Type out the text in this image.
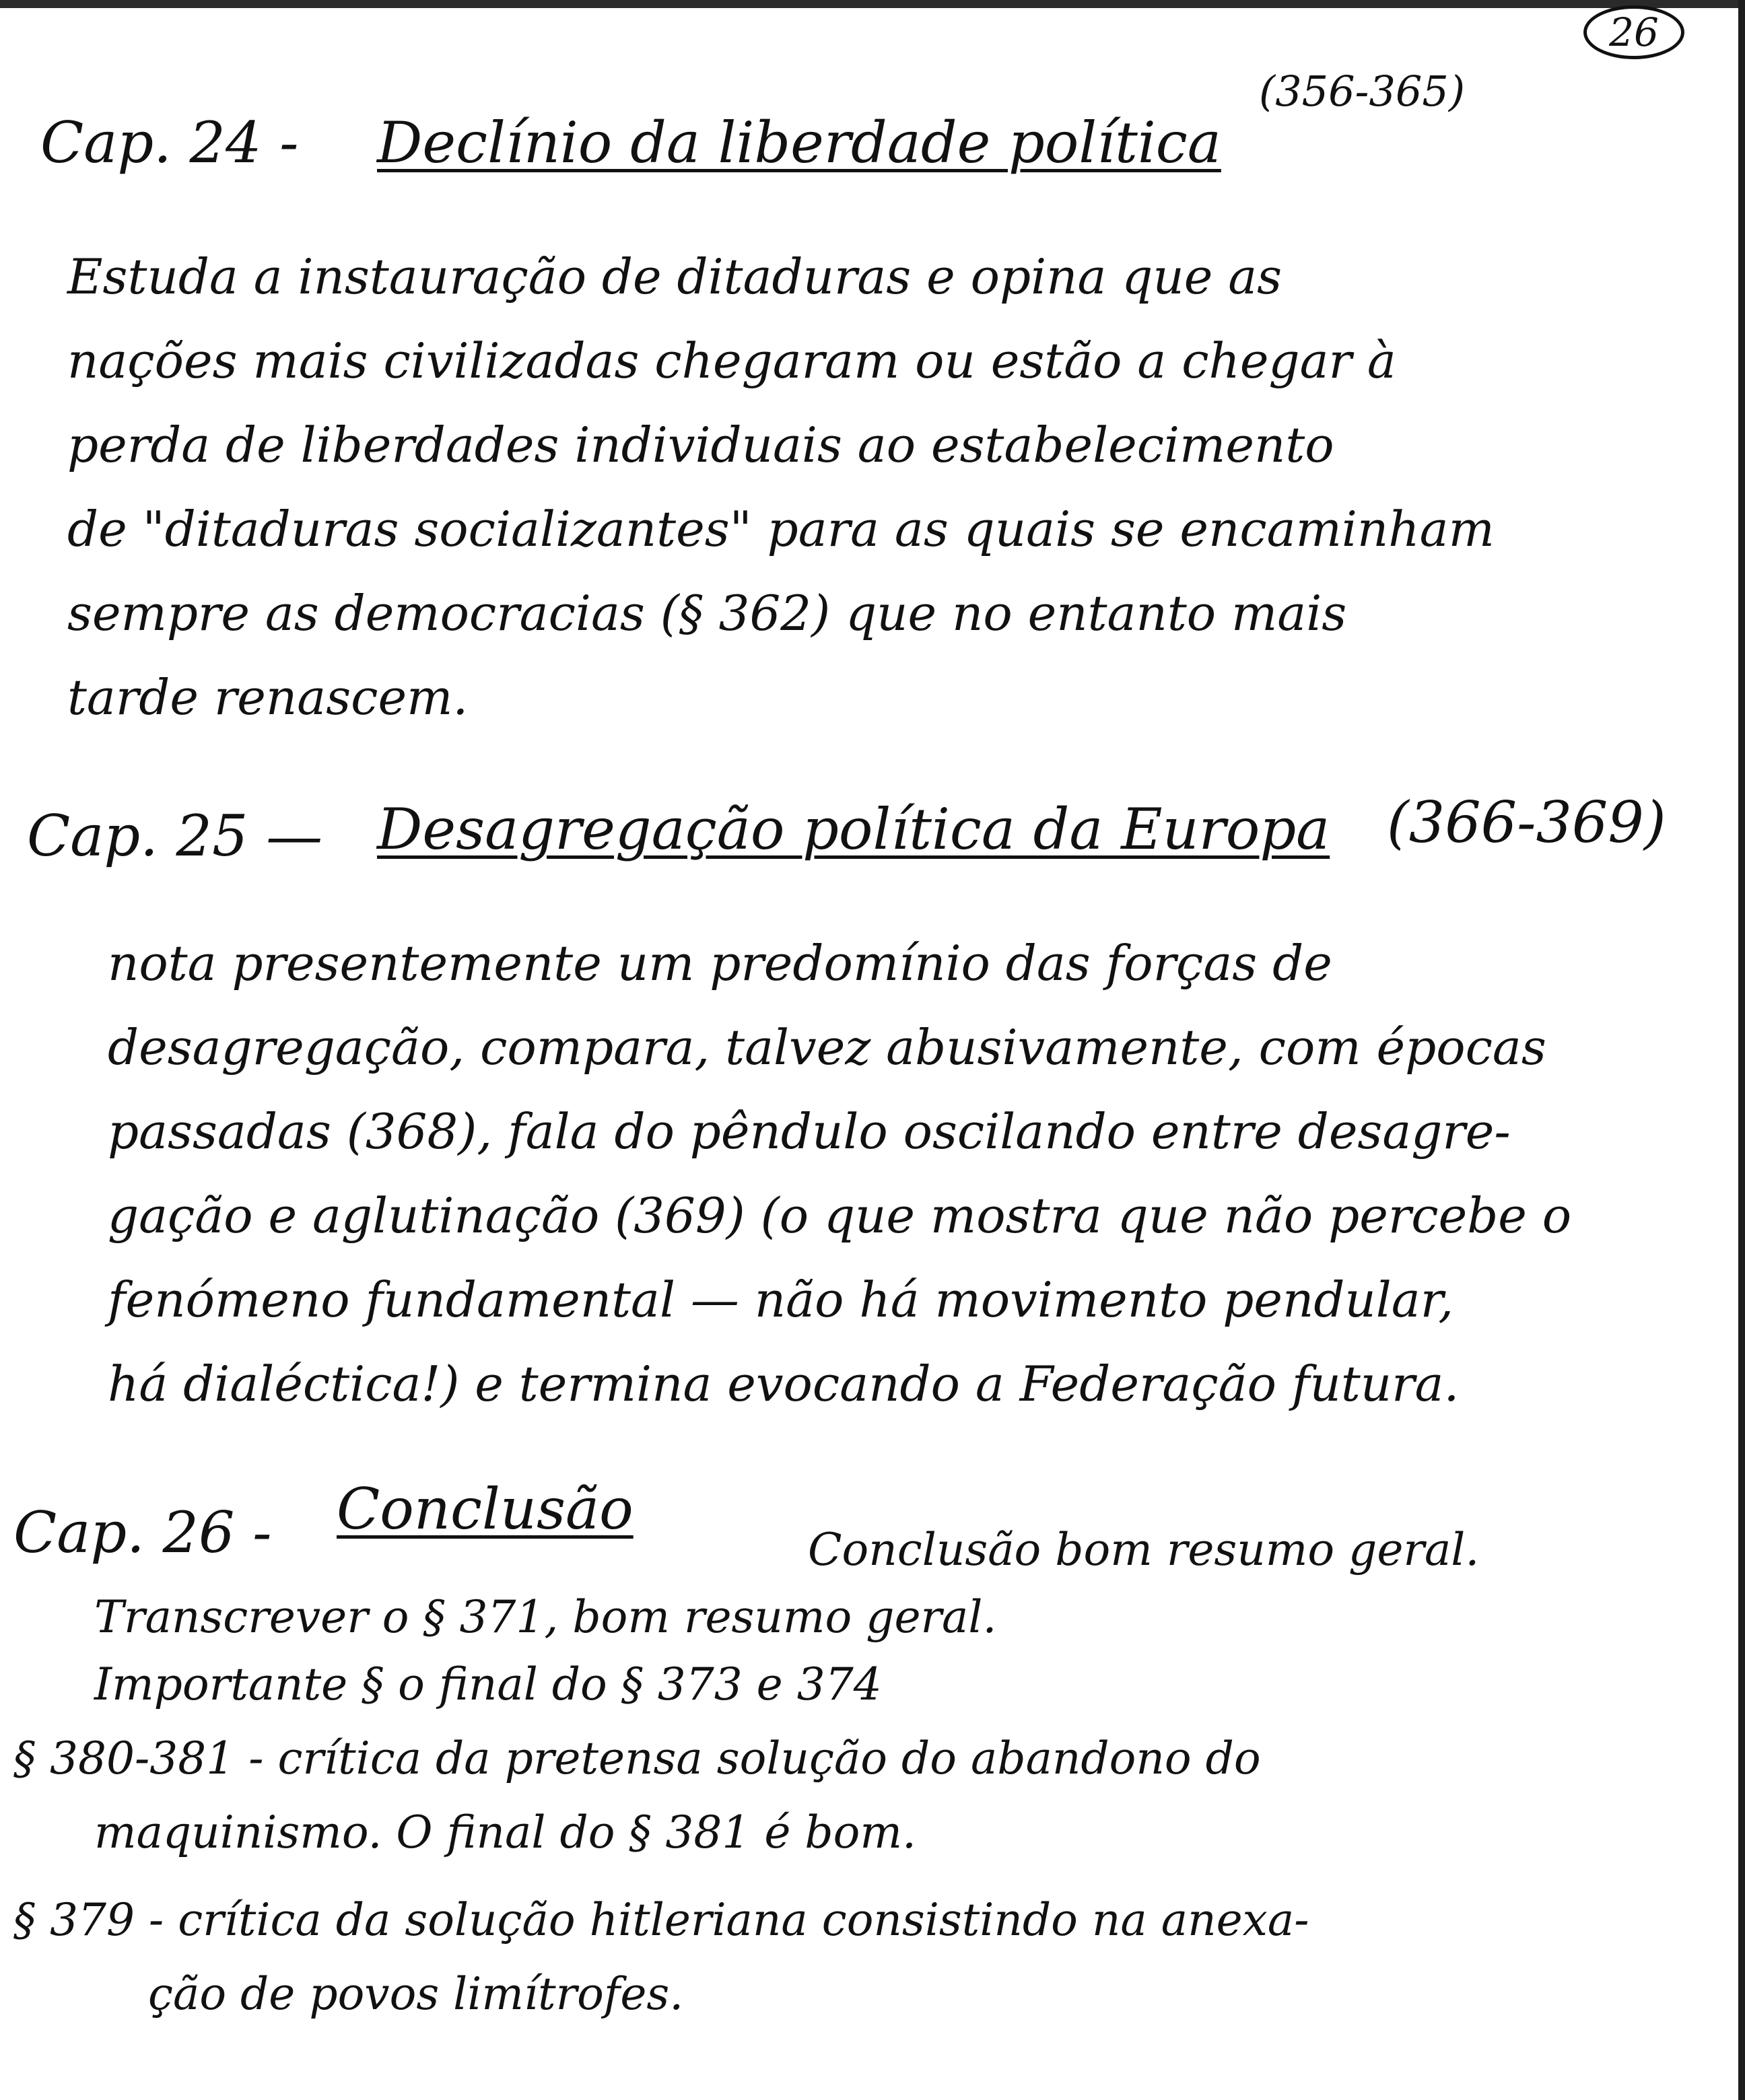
26
(356-365)
Cap. 24 - Declínio da liberdade política
Estuda a instauração de ditaduras e opina que as
nações mais civilizadas chegaram ou estão a chegar à
perda de liberdades individuais ao estabelecimento
de "ditaduras socializantes" para as quais se encaminham
sempre as democracias (§ 362) que no entanto mais
tarde renascem.
Cap. 25 — Desagregação política da Europa (366-369)
nota presentemente um predomínio das forças de
desagregação, compara, talvez abusivamente, com épocas
passadas (368), fala do pêndulo oscilando entre desagre-
gação e aglutinação (369) (o que mostra que não percebe o
fenómeno fundamental — não há movimento pendular,
há dialéctica!) e termina evocando a Federação futura.
Cap. 26 - Conclusão
Conclusão bom resumo geral.
Transcrever o § 371, bom resumo geral.
Importante § o final do § 373 e 374
§ 380-381 - crítica da pretensa solução do abandono do
maquinismo. O final do § 381 é bom.
§ 379 - crítica da solução hitleriana consistindo na anexa-
ção de povos limítrofes.
